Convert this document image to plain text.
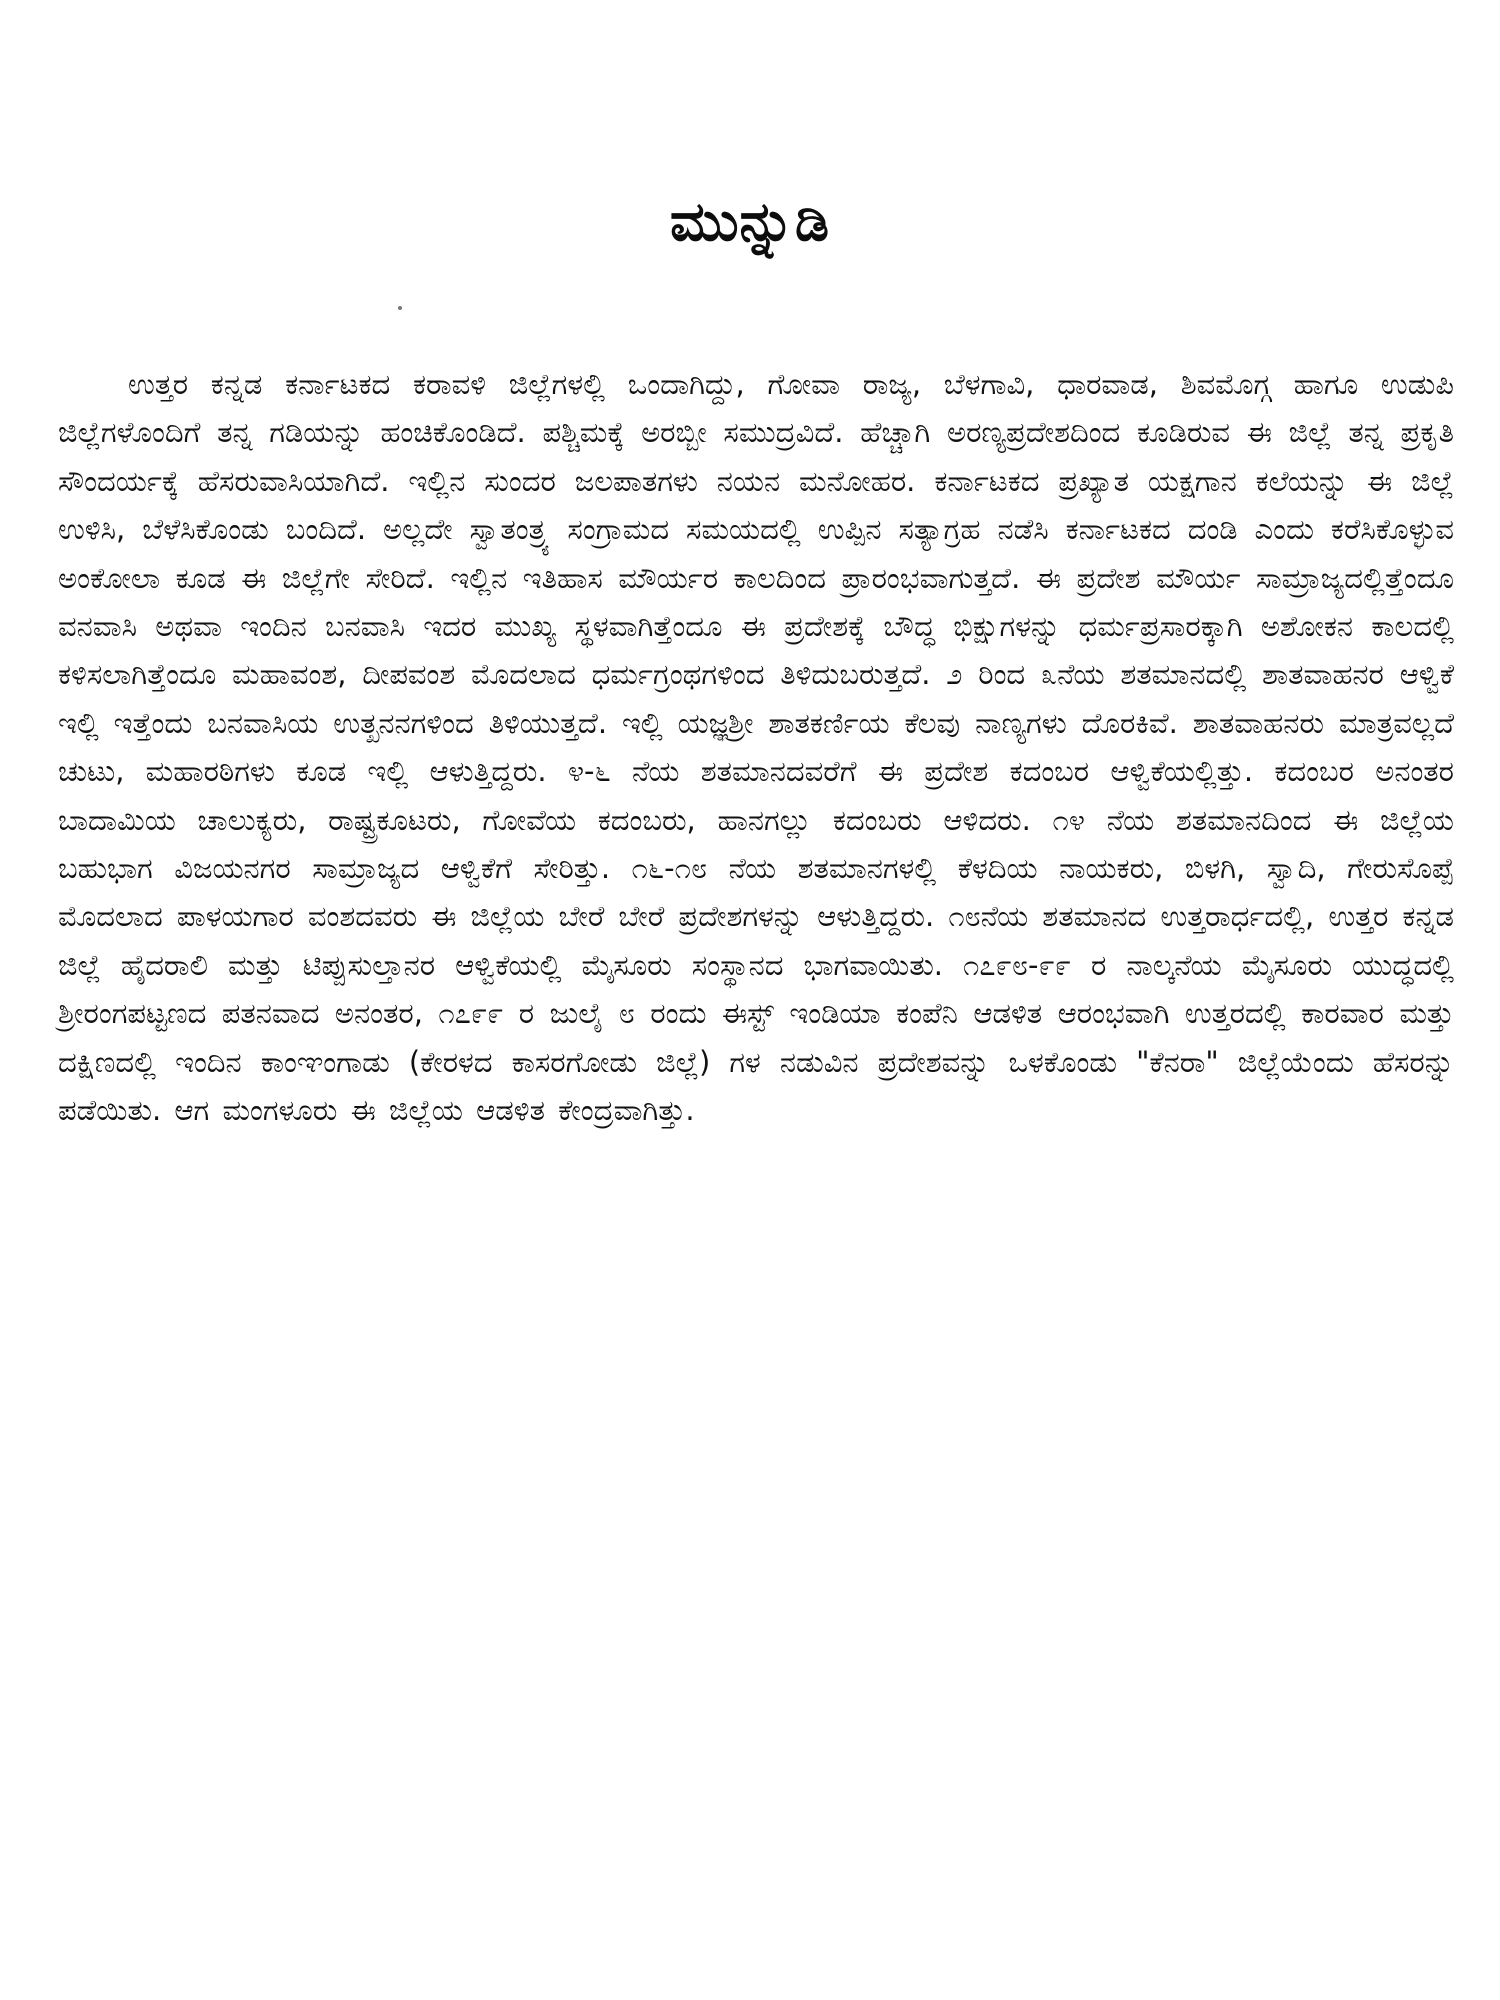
ಮುನ್ನುಡಿ

ಉತ್ತರ ಕನ್ನಡ ಕರ್ನಾಟಕದ ಕರಾವಳಿ ಜಿಲ್ಲೆಗಳಲ್ಲಿ ಒಂದಾಗಿದ್ದು, ಗೋವಾ ರಾಜ್ಯ, ಬೆಳಗಾವಿ, ಧಾರವಾಡ, ಶಿವಮೊಗ್ಗ ಹಾಗೂ ಉಡುಪಿ ಜಿಲ್ಲೆಗಳೊಂದಿಗೆ ತನ್ನ ಗಡಿಯನ್ನು ಹಂಚಿಕೊಂಡಿದೆ. ಪಶ್ಚಿಮಕ್ಕೆ ಅರಬ್ಬೀ ಸಮುದ್ರವಿದೆ. ಹೆಚ್ಚಾಗಿ ಅರಣ್ಯಪ್ರದೇಶದಿಂದ ಕೂಡಿರುವ ಈ ಜಿಲ್ಲೆ ತನ್ನ ಪ್ರಕೃತಿ ಸೌಂದರ್ಯಕ್ಕೆ ಹೆಸರುವಾಸಿಯಾಗಿದೆ. ಇಲ್ಲಿನ ಸುಂದರ ಜಲಪಾತಗಳು ನಯನ ಮನೋಹರ. ಕರ್ನಾಟಕದ ಪ್ರಖ್ಯಾತ ಯಕ್ಷಗಾನ ಕಲೆಯನ್ನು ಈ ಜಿಲ್ಲೆ ಉಳಿಸಿ, ಬೆಳೆಸಿಕೊಂಡು ಬಂದಿದೆ. ಅಲ್ಲದೇ ಸ್ವಾತಂತ್ರ್ಯ ಸಂಗ್ರಾಮದ ಸಮಯದಲ್ಲಿ ಉಪ್ಪಿನ ಸತ್ಯಾಗ್ರಹ ನಡೆಸಿ ಕರ್ನಾಟಕದ ದಂಡಿ ಎಂದು ಕರೆಸಿಕೊಳ್ಳುವ ಅಂಕೋಲಾ ಕೂಡ ಈ ಜಿಲ್ಲೆಗೇ ಸೇರಿದೆ. ಇಲ್ಲಿನ ಇತಿಹಾಸ ಮೌರ್ಯರ ಕಾಲದಿಂದ ಪ್ರಾರಂಭವಾಗುತ್ತದೆ. ಈ ಪ್ರದೇಶ ಮೌರ್ಯ ಸಾಮ್ರಾಜ್ಯದಲ್ಲಿತ್ತೆಂದೂ ವನವಾಸಿ ಅಥವಾ ಇಂದಿನ ಬನವಾಸಿ ಇದರ ಮುಖ್ಯ ಸ್ಥಳವಾಗಿತ್ತೆಂದೂ ಈ ಪ್ರದೇಶಕ್ಕೆ ಬೌದ್ಧ ಭಿಕ್ಷುಗಳನ್ನು ಧರ್ಮಪ್ರಸಾರಕ್ಕಾಗಿ ಅಶೋಕನ ಕಾಲದಲ್ಲಿ ಕಳಿಸಲಾಗಿತ್ತೆಂದೂ ಮಹಾವಂಶ, ದೀಪವಂಶ ಮೊದಲಾದ ಧರ್ಮಗ್ರಂಥಗಳಿಂದ ತಿಳಿದುಬರುತ್ತದೆ. ೨ ರಿಂದ ೩ನೆಯ ಶತಮಾನದಲ್ಲಿ ಶಾತವಾಹನರ ಆಳ್ವಿಕೆ ಇಲ್ಲಿ ಇತ್ತೆಂದು ಬನವಾಸಿಯ ಉತ್ಖನನಗಳಿಂದ ತಿಳಿಯುತ್ತದೆ. ಇಲ್ಲಿ ಯಜ್ಞಶ್ರೀ ಶಾತಕರ್ಣಿಯ ಕೆಲವು ನಾಣ್ಯಗಳು ದೊರಕಿವೆ. ಶಾತವಾಹನರು ಮಾತ್ರವಲ್ಲದೆ ಚುಟು, ಮಹಾರಠಿಗಳು ಕೂಡ ಇಲ್ಲಿ ಆಳುತ್ತಿದ್ದರು. ೪-೬ ನೆಯ ಶತಮಾನದವರೆಗೆ ಈ ಪ್ರದೇಶ ಕದಂಬರ ಆಳ್ವಿಕೆಯಲ್ಲಿತ್ತು. ಕದಂಬರ ಅನಂತರ ಬಾದಾಮಿಯ ಚಾಲುಕ್ಯರು, ರಾಷ್ಟ್ರಕೂಟರು, ಗೋವೆಯ ಕದಂಬರು, ಹಾನಗಲ್ಲು ಕದಂಬರು ಆಳಿದರು. ೧೪ ನೆಯ ಶತಮಾನದಿಂದ ಈ ಜಿಲ್ಲೆಯ ಬಹುಭಾಗ ವಿಜಯನಗರ ಸಾಮ್ರಾಜ್ಯದ ಆಳ್ವಿಕೆಗೆ ಸೇರಿತ್ತು. ೧೬-೧೮ ನೆಯ ಶತಮಾನಗಳಲ್ಲಿ ಕೆಳದಿಯ ನಾಯಕರು, ಬಿಳಗಿ, ಸ್ವಾದಿ, ಗೇರುಸೊಪ್ಪೆ ಮೊದಲಾದ ಪಾಳಯಗಾರ ವಂಶದವರು ಈ ಜಿಲ್ಲೆಯ ಬೇರೆ ಬೇರೆ ಪ್ರದೇಶಗಳನ್ನು ಆಳುತ್ತಿದ್ದರು. ೧೮ನೆಯ ಶತಮಾನದ ಉತ್ತರಾರ್ಧದಲ್ಲಿ, ಉತ್ತರ ಕನ್ನಡ ಜಿಲ್ಲೆ ಹೈದರಾಲಿ ಮತ್ತು ಟಿಪ್ಪುಸುಲ್ತಾನರ ಆಳ್ವಿಕೆಯಲ್ಲಿ ಮೈಸೂರು ಸಂಸ್ಥಾನದ ಭಾಗವಾಯಿತು. ೧೭೯೮-೯೯ ರ ನಾಲ್ಕನೆಯ ಮೈಸೂರು ಯುದ್ಧದಲ್ಲಿ ಶ್ರೀರಂಗಪಟ್ಟಣದ ಪತನವಾದ ಅನಂತರ, ೧೭೯೯ ರ ಜುಲೈ ೮ ರಂದು ಈಸ್ಟ್ ಇಂಡಿಯಾ ಕಂಪೆನಿ ಆಡಳಿತ ಆರಂಭವಾಗಿ ಉತ್ತರದಲ್ಲಿ ಕಾರವಾರ ಮತ್ತು ದಕ್ಷಿಣದಲ್ಲಿ ಇಂದಿನ ಕಾಂಞಂಗಾಡು (ಕೇರಳದ ಕಾಸರಗೋಡು ಜಿಲ್ಲೆ) ಗಳ ನಡುವಿನ ಪ್ರದೇಶವನ್ನು ಒಳಕೊಂಡು "ಕೆನರಾ" ಜಿಲ್ಲೆಯೆಂದು ಹೆಸರನ್ನು ಪಡೆಯಿತು. ಆಗ ಮಂಗಳೂರು ಈ ಜಿಲ್ಲೆಯ ಆಡಳಿತ ಕೇಂದ್ರವಾಗಿತ್ತು.
